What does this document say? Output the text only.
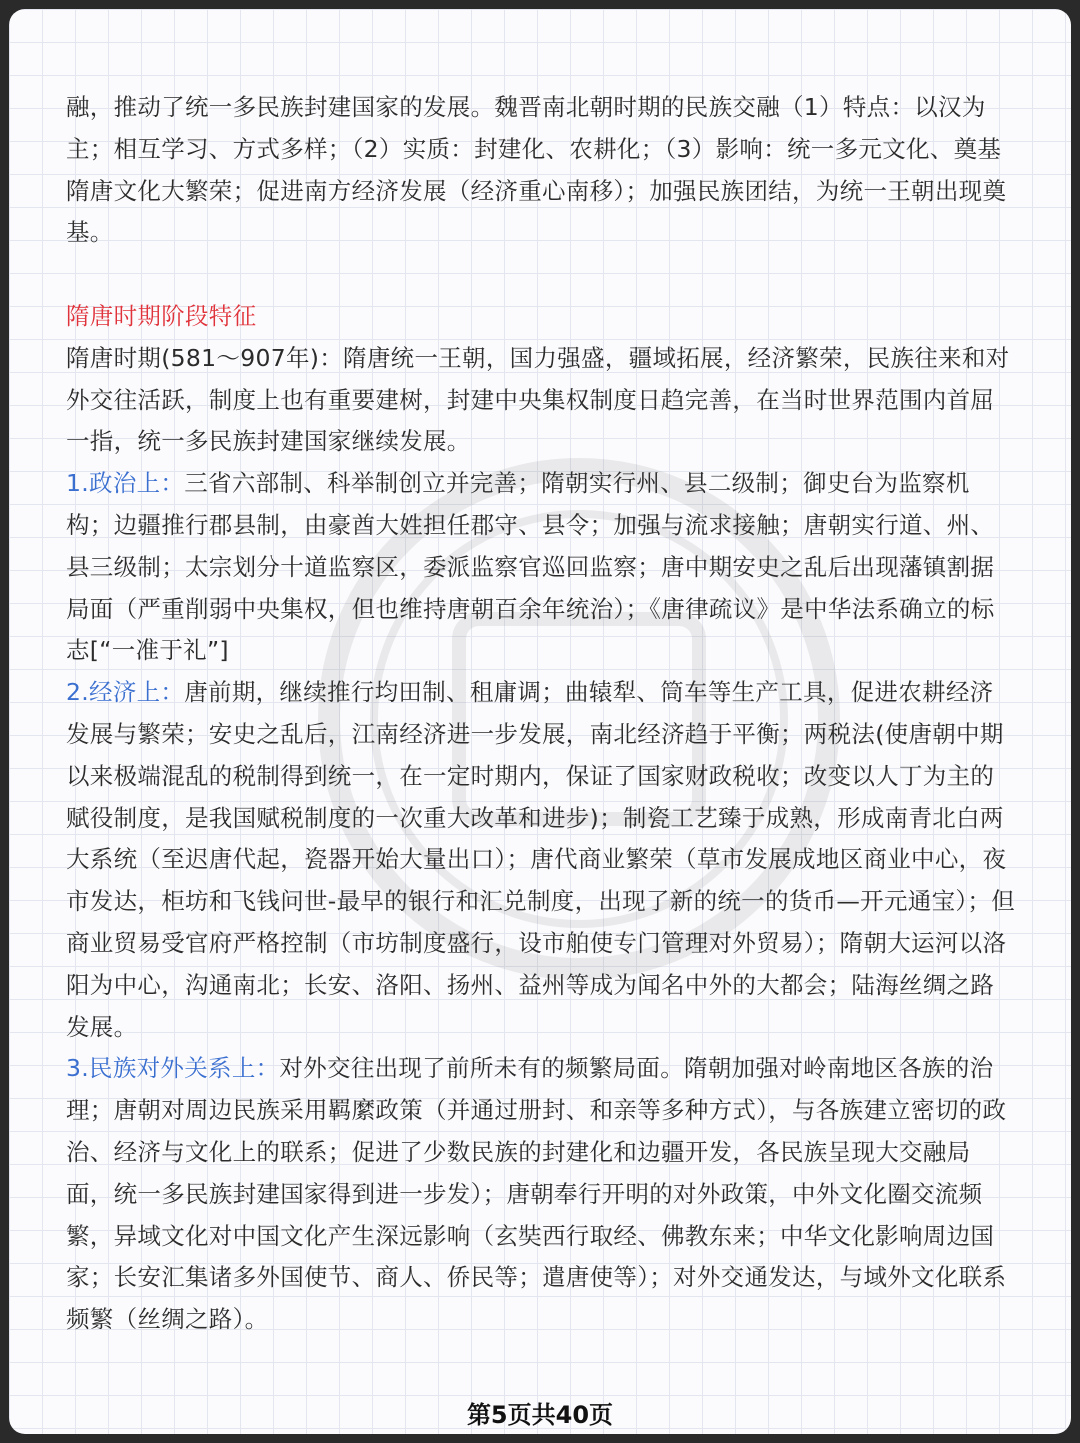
融，推动了统一多民族封建国家的发展。魏晋南北朝时期的民族交融（1）特点：以汉为主；相互学习、方式多样；（2）实质：封建化、农耕化；（3）影响：统一多元文化、奠基隋唐文化大繁荣；促进南方经济发展（经济重心南移）；加强民族团结，为统一王朝出现奠基。

隋唐时期阶段特征

隋唐时期(581～907年)：隋唐统一王朝，国力强盛，疆域拓展，经济繁荣，民族往来和对外交往活跃，制度上也有重要建树，封建中央集权制度日趋完善，在当时世界范围内首屈一指，统一多民族封建国家继续发展。

1.政治上：三省六部制、科举制创立并完善；隋朝实行州、县二级制；御史台为监察机构；边疆推行郡县制，由豪酋大姓担任郡守、县令；加强与流求接触；唐朝实行道、州、县三级制；太宗划分十道监察区，委派监察官巡回监察；唐中期安史之乱后出现藩镇割据局面（严重削弱中央集权，但也维持唐朝百余年统治）；《唐律疏议》是中华法系确立的标志[“一准于礼”]

2.经济上：唐前期，继续推行均田制、租庸调；曲辕犁、筒车等生产工具，促进农耕经济发展与繁荣；安史之乱后，江南经济进一步发展，南北经济趋于平衡；两税法(使唐朝中期以来极端混乱的税制得到统一，在一定时期内，保证了国家财政税收；改变以人丁为主的赋役制度，是我国赋税制度的一次重大改革和进步)；制瓷工艺臻于成熟，形成南青北白两大系统（至迟唐代起，瓷器开始大量出口）；唐代商业繁荣（草市发展成地区商业中心，夜市发达，柜坊和飞钱问世-最早的银行和汇兑制度，出现了新的统一的货币—开元通宝）；但商业贸易受官府严格控制（市坊制度盛行，设市舶使专门管理对外贸易）；隋朝大运河以洛阳为中心，沟通南北；长安、洛阳、扬州、益州等成为闻名中外的大都会；陆海丝绸之路发展。

3.民族对外关系上：对外交往出现了前所未有的频繁局面。隋朝加强对岭南地区各族的治理；唐朝对周边民族采用羁縻政策（并通过册封、和亲等多种方式），与各族建立密切的政治、经济与文化上的联系；促进了少数民族的封建化和边疆开发，各民族呈现大交融局面，统一多民族封建国家得到进一步发）；唐朝奉行开明的对外政策，中外文化圈交流频繁，异域文化对中国文化产生深远影响（玄奘西行取经、佛教东来；中华文化影响周边国家；长安汇集诸多外国使节、商人、侨民等；遣唐使等）；对外交通发达，与域外文化联系频繁（丝绸之路）。

第5页共40页
